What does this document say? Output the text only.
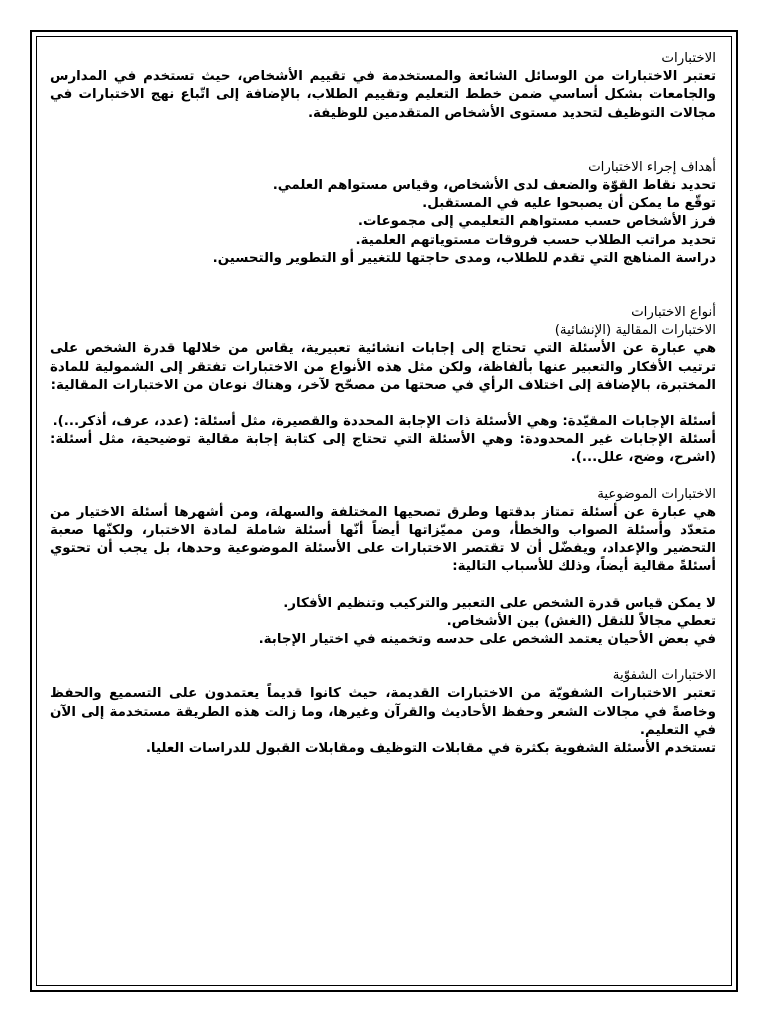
الاختبارات

تعتبر الاختبارات من الوسائل الشائعة والمستخدمة في تقييم الأشخاص، حيث تستخدم في المدارس والجامعات بشكل أساسي ضمن خطط التعليم وتقييم الطلاب، بالإضافة إلى اتّباع نهج الاختبارات في مجالات التوظيف لتحديد مستوى الأشخاص المتقدمين للوظيفة.

أهداف إجراء الاختبارات

تحديد نقاط القوّة والضعف لدى الأشخاص، وقياس مستواهم العلمي.

توقّع ما يمكن أن يصبحوا عليه في المستقبل.

فرز الأشخاص حسب مستواهم التعليمي إلى مجموعات.

تحديد مراتب الطلاب حسب فروقات مستوياتهم العلمية.

دراسة المناهج التي تقدم للطلاب، ومدى حاجتها للتغيير أو التطوير والتحسين.

أنواع الاختبارات

الاختبارات المقالية (الإنشائية)

هي عبارة عن الأسئلة التي تحتاج إلى إجابات انشائية تعبيرية، يقاس من خلالها قدرة الشخص على ترتيب الأفكار والتعبير عنها بألفاظة، ولكن مثل هذه الأنواع من الاختبارات تفتقر إلى الشمولية للمادة المختبرة، بالإضافة إلى اختلاف الرأي في صحتها من مصحّح لآخر، وهناك نوعان من الاختبارات المقالية:

أسئلة الإجابات المقيّدة: وهي الأسئلة ذات الإجابة المحددة والقصيرة، مثل أسئلة: (عدد، عرف، أذكر...).

أسئلة الإجابات غير المحدودة: وهي الأسئلة التي تحتاج إلى كتابة إجابة مقالية توضيحية، مثل أسئلة: (اشرح، وضح، علل...).

الاختبارات الموضوعية

هي عبارة عن أسئلة تمتاز بدقتها وطرق تصحيها المختلفة والسهلة، ومن أشهرها أسئلة الاختيار من متعدّد وأسئلة الصواب والخطأ، ومن مميّزاتها أيضاً أنّها أسئلة شاملة لمادة الاختبار، ولكنّها صعبة التحضير والإعداد، ويفضّل أن لا تقتصر الاختبارات على الأسئلة الموضوعية وحدها، بل يجب أن تحتوي أسئلةً مقالية أيضاً، وذلك للأسباب التالية:

لا يمكن قياس قدرة الشخص على التعبير والتركيب وتنظيم الأفكار.

تعطي مجالاً للنقل (الغش) بين الأشخاص.

في بعض الأحيان يعتمد الشخص على حدسه وتخمينه في اختيار الإجابة.

الاختبارات الشفوّية

تعتبر الاختبارات الشفويّة من الاختبارات القديمة، حيث كانوا قديماً يعتمدون على التسميع والحفظ وخاصةً في مجالات الشعر وحفظ الأحاديث والقرآن وغيرها، وما زالت هذه الطريقة مستخدمة إلى الآن في التعليم.

تستخدم الأسئلة الشفوية بكثرة في مقابلات التوظيف ومقابلات القبول للدراسات العليا.
